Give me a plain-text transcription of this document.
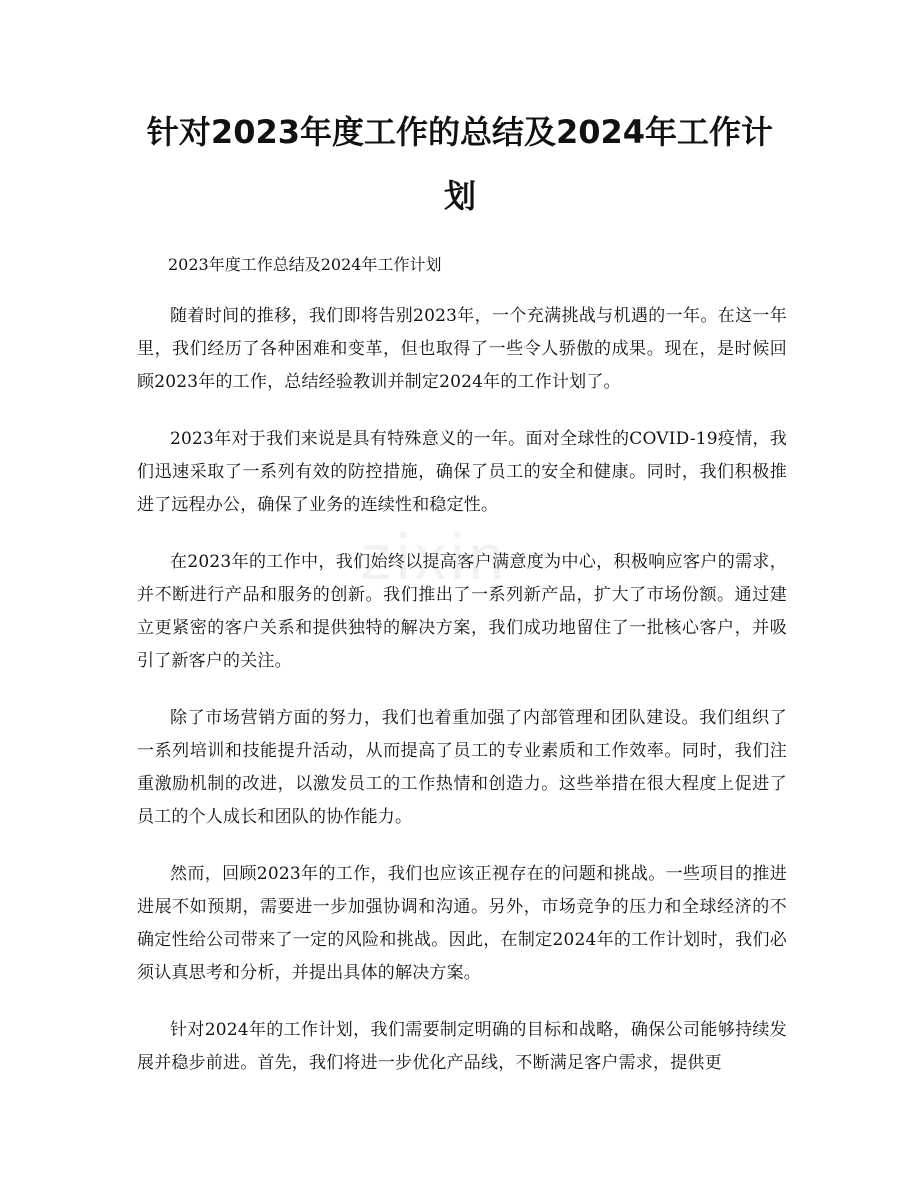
针对2023年度工作的总结及2024年工作计划

2023年度工作总结及2024年工作计划

随着时间的推移，我们即将告别2023年，一个充满挑战与机遇的一年。在这一年里，我们经历了各种困难和变革，但也取得了一些令人骄傲的成果。现在，是时候回顾2023年的工作，总结经验教训并制定2024年的工作计划了。

2023年对于我们来说是具有特殊意义的一年。面对全球性的COVID-19疫情，我们迅速采取了一系列有效的防控措施，确保了员工的安全和健康。同时，我们积极推进了远程办公，确保了业务的连续性和稳定性。

在2023年的工作中，我们始终以提高客户满意度为中心，积极响应客户的需求，并不断进行产品和服务的创新。我们推出了一系列新产品，扩大了市场份额。通过建立更紧密的客户关系和提供独特的解决方案，我们成功地留住了一批核心客户，并吸引了新客户的关注。

除了市场营销方面的努力，我们也着重加强了内部管理和团队建设。我们组织了一系列培训和技能提升活动，从而提高了员工的专业素质和工作效率。同时，我们注重激励机制的改进，以激发员工的工作热情和创造力。这些举措在很大程度上促进了员工的个人成长和团队的协作能力。

然而，回顾2023年的工作，我们也应该正视存在的问题和挑战。一些项目的推进进展不如预期，需要进一步加强协调和沟通。另外，市场竞争的压力和全球经济的不确定性给公司带来了一定的风险和挑战。因此，在制定2024年的工作计划时，我们必须认真思考和分析，并提出具体的解决方案。

针对2024年的工作计划，我们需要制定明确的目标和战略，确保公司能够持续发展并稳步前进。首先，我们将进一步优化产品线，不断满足客户需求，提供更

zixin
